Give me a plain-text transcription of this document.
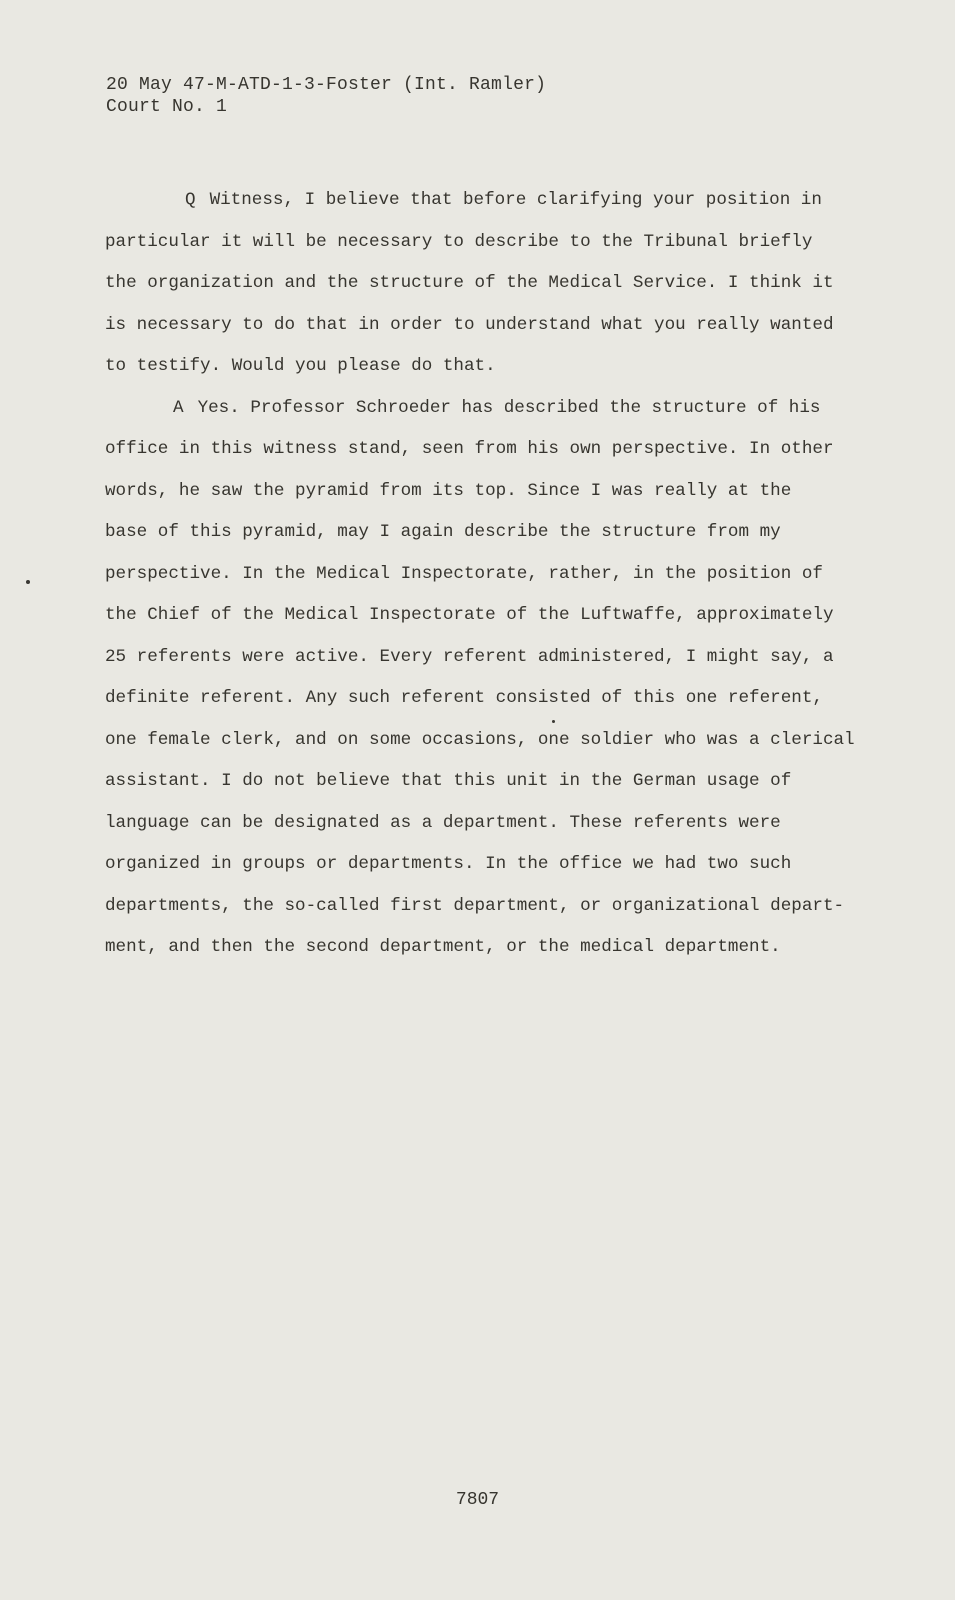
20 May 47-M-ATD-1-3-Foster (Int. Ramler)
Court No. 1
Q Witness, I believe that before clarifying your position in
particular it will be necessary to describe to the Tribunal briefly
the organization and the structure of the Medical Service. I think it
is necessary to do that in order to understand what you really wanted
to testify. Would you please do that.
A Yes. Professor Schroeder has described the structure of his
office in this witness stand, seen from his own perspective. In other
words, he saw the pyramid from its top. Since I was really at the
base of this pyramid, may I again describe the structure from my
perspective. In the Medical Inspectorate, rather, in the position of
the Chief of the Medical Inspectorate of the Luftwaffe, approximately
25 referents were active. Every referent administered, I might say, a
definite referent. Any such referent consisted of this one referent,
one female clerk, and on some occasions, one soldier who was a clerical
assistant. I do not believe that this unit in the German usage of
language can be designated as a department. These referents were
organized in groups or departments. In the office we had two such
departments, the so-called first department, or organizational depart-
ment, and then the second department, or the medical department.
7807
